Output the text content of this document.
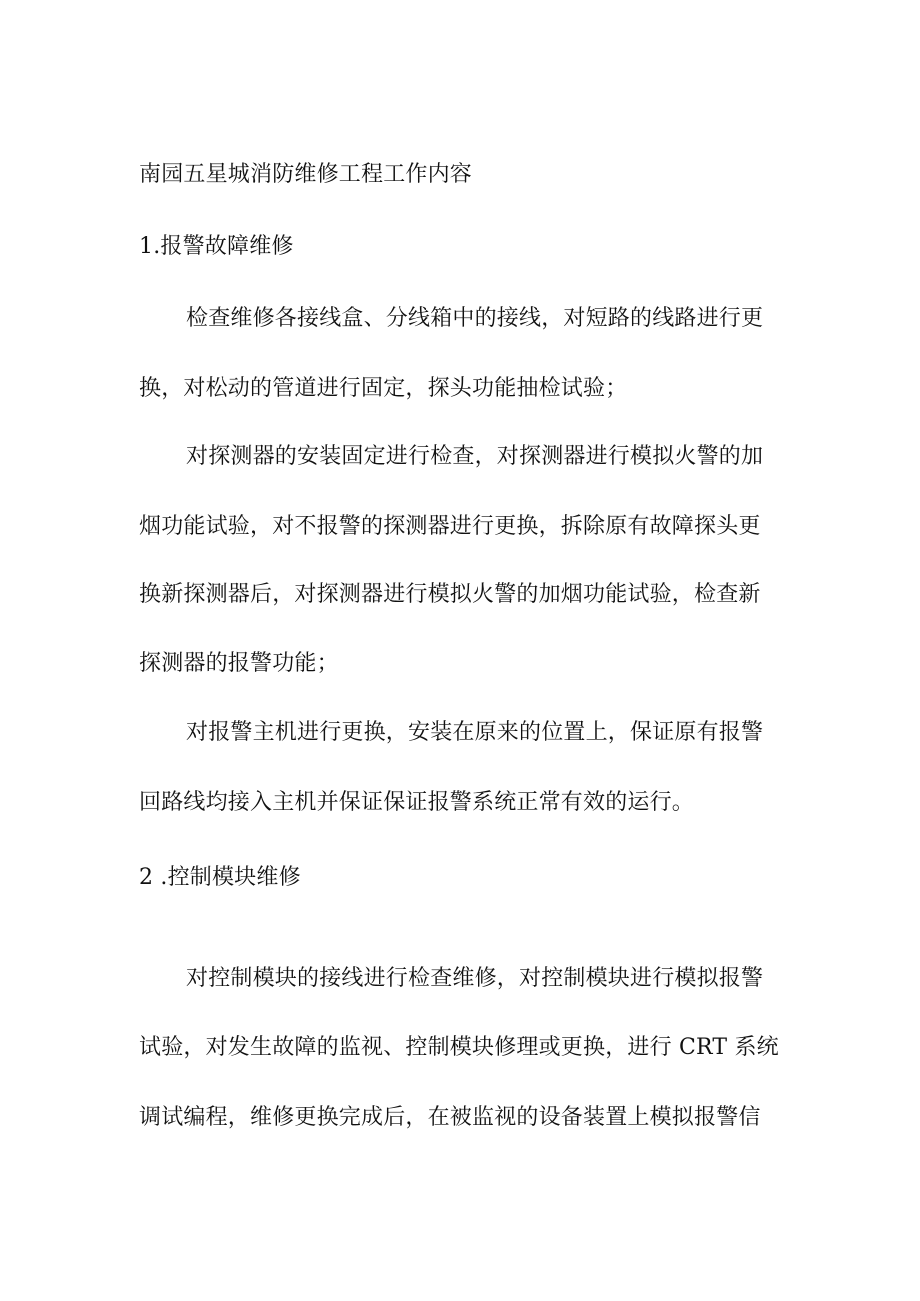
南园五星城消防维修工程工作内容
1.报警故障维修
检查维修各接线盒、分线箱中的接线，对短路的线路进行更
换，对松动的管道进行固定，探头功能抽检试验；
对探测器的安装固定进行检查，对探测器进行模拟火警的加
烟功能试验，对不报警的探测器进行更换，拆除原有故障探头更
换新探测器后，对探测器进行模拟火警的加烟功能试验，检查新
探测器的报警功能；
对报警主机进行更换，安装在原来的位置上，保证原有报警
回路线均接入主机并保证保证报警系统正常有效的运行。
2 .控制模块维修
对控制模块的接线进行检查维修，对控制模块进行模拟报警
试验，对发生故障的监视、控制模块修理或更换，进行 CRT 系统
调试编程，维修更换完成后，在被监视的设备装置上模拟报警信
